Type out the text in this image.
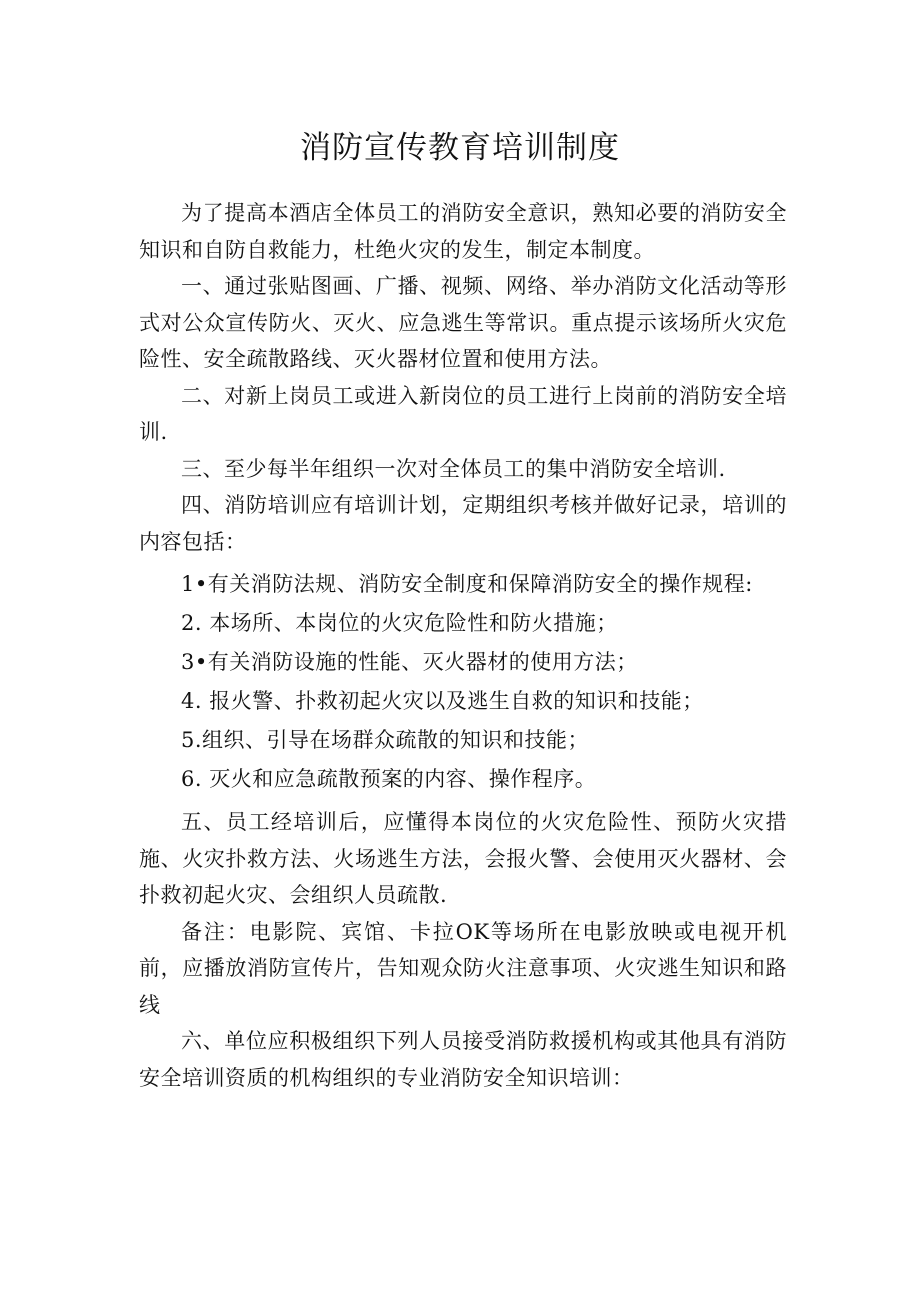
消防宣传教育培训制度

为了提高本酒店全体员工的消防安全意识，熟知必要的消防安全知识和自防自救能力，杜绝火灾的发生，制定本制度。

一、通过张贴图画、广播、视频、网络、举办消防文化活动等形式对公众宣传防火、灭火、应急逃生等常识。重点提示该场所火灾危险性、安全疏散路线、灭火器材位置和使用方法。

二、对新上岗员工或进入新岗位的员工进行上岗前的消防安全培训.

三、至少每半年组织一次对全体员工的集中消防安全培训.

四、消防培训应有培训计划，定期组织考核并做好记录，培训的内容包括：

1•有关消防法规、消防安全制度和保障消防安全的操作规程:

2. 本场所、本岗位的火灾危险性和防火措施；

3•有关消防设施的性能、灭火器材的使用方法；

4. 报火警、扑救初起火灾以及逃生自救的知识和技能；

5.组织、引导在场群众疏散的知识和技能；

6. 灭火和应急疏散预案的内容、操作程序。

五、员工经培训后，应懂得本岗位的火灾危险性、预防火灾措施、火灾扑救方法、火场逃生方法，会报火警、会使用灭火器材、会扑救初起火灾、会组织人员疏散.

备注：电影院、宾馆、卡拉OK等场所在电影放映或电视开机前，应播放消防宣传片，告知观众防火注意事项、火灾逃生知识和路线

六、单位应积极组织下列人员接受消防救援机构或其他具有消防安全培训资质的机构组织的专业消防安全知识培训：
